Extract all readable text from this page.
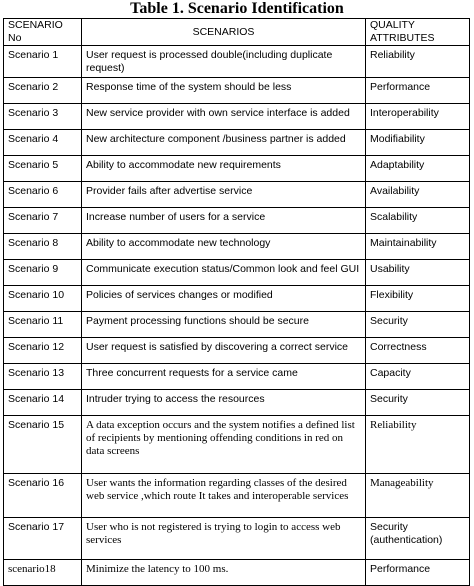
Table 1. Scenario Identification
SCENARIO No	SCENARIOS	QUALITY ATTRIBUTES
Scenario 1	User request is processed double(including duplicate request)	Reliability
Scenario 2	Response time of the system should be less	Performance
Scenario 3	New service provider with own service interface is added	Interoperability
Scenario 4	New architecture component /business partner is added	Modifiability
Scenario 5	Ability to accommodate new requirements	Adaptability
Scenario 6	Provider fails after advertise service	Availability
Scenario 7	Increase number of users for a service	Scalability
Scenario 8	Ability to accommodate new technology	Maintainability
Scenario 9	Communicate execution status/Common look and feel GUI	Usability
Scenario 10	Policies of services changes or modified	Flexibility
Scenario 11	Payment processing functions should be secure	Security
Scenario 12	User request is satisfied by discovering a correct service	Correctness
Scenario 13	Three concurrent requests for a service came	Capacity
Scenario 14	Intruder trying to access the resources	Security
Scenario 15	A data exception occurs and the system notifies a defined list of recipients by mentioning offending conditions in red on data screens	Reliability
Scenario 16	User wants the information regarding classes of the desired web service ,which route It takes and interoperable services	Manageability
Scenario 17	User who is not registered is trying to login to access web services	Security (authentication)
scenario18	Minimize the latency to 100 ms.	Performance
